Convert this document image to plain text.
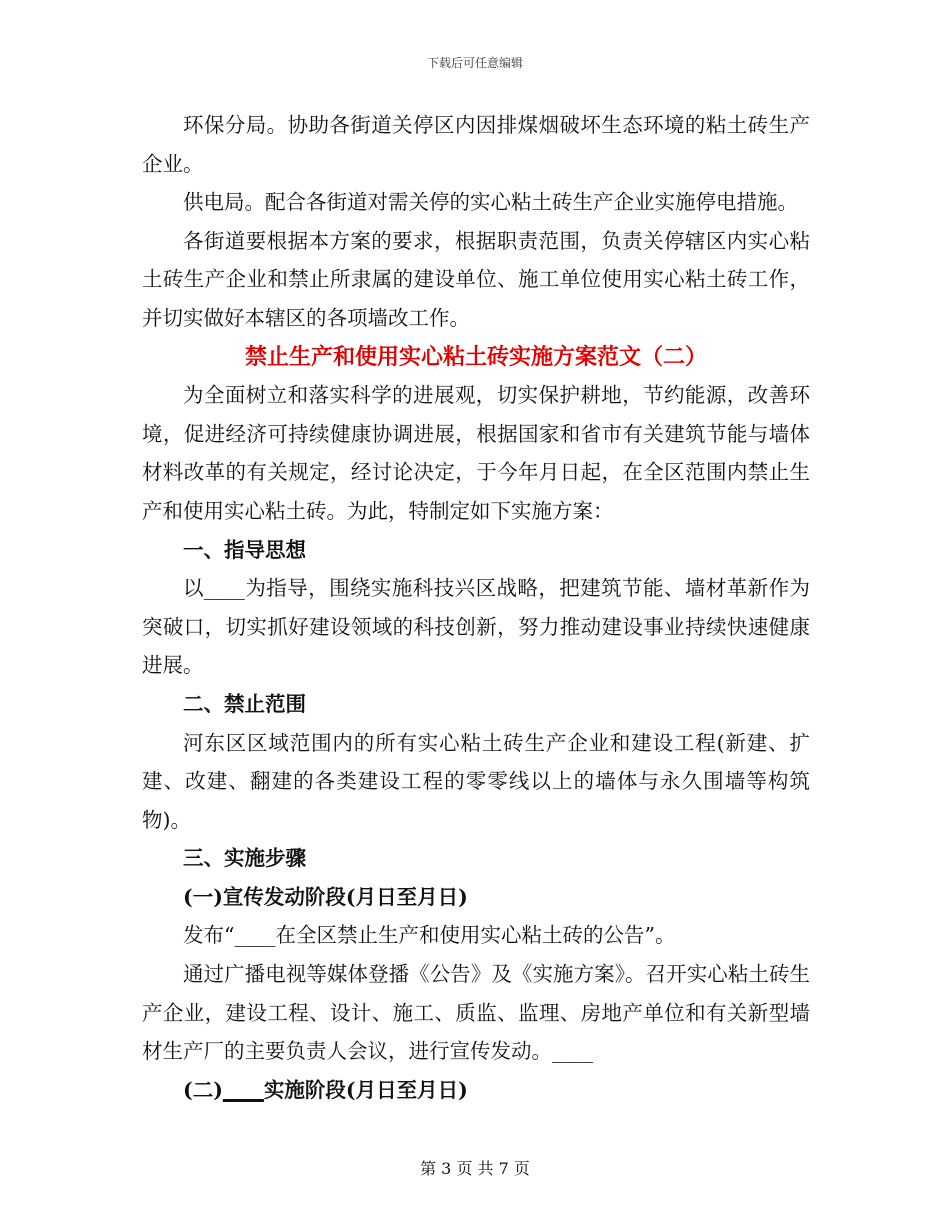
下载后可任意编辑

环保分局。协助各街道关停区内因排煤烟破坏生态环境的粘土砖生产企业。

供电局。配合各街道对需关停的实心粘土砖生产企业实施停电措施。

各街道要根据本方案的要求，根据职责范围，负责关停辖区内实心粘土砖生产企业和禁止所隶属的建设单位、施工单位使用实心粘土砖工作，并切实做好本辖区的各项墙改工作。

禁止生产和使用实心粘土砖实施方案范文（二）

为全面树立和落实科学的进展观，切实保护耕地，节约能源，改善环境，促进经济可持续健康协调进展，根据国家和省市有关建筑节能与墙体材料改革的有关规定，经讨论决定，于今年月日起，在全区范围内禁止生产和使用实心粘土砖。为此，特制定如下实施方案：

一、指导思想

以____为指导，围绕实施科技兴区战略，把建筑节能、墙材革新作为突破口，切实抓好建设领域的科技创新，努力推动建设事业持续快速健康进展。

二、禁止范围

河东区区域范围内的所有实心粘土砖生产企业和建设工程(新建、扩建、改建、翻建的各类建设工程的零零线以上的墙体与永久围墙等构筑物)。

三、实施步骤

(一)宣传发动阶段(月日至月日)

发布“____在全区禁止生产和使用实心粘土砖的公告”。

通过广播电视等媒体登播《公告》及《实施方案》。召开实心粘土砖生产企业，建设工程、设计、施工、质监、监理、房地产单位和有关新型墙材生产厂的主要负责人会议，进行宣传发动。____

(二)____实施阶段(月日至月日)

第 3 页 共 7 页
